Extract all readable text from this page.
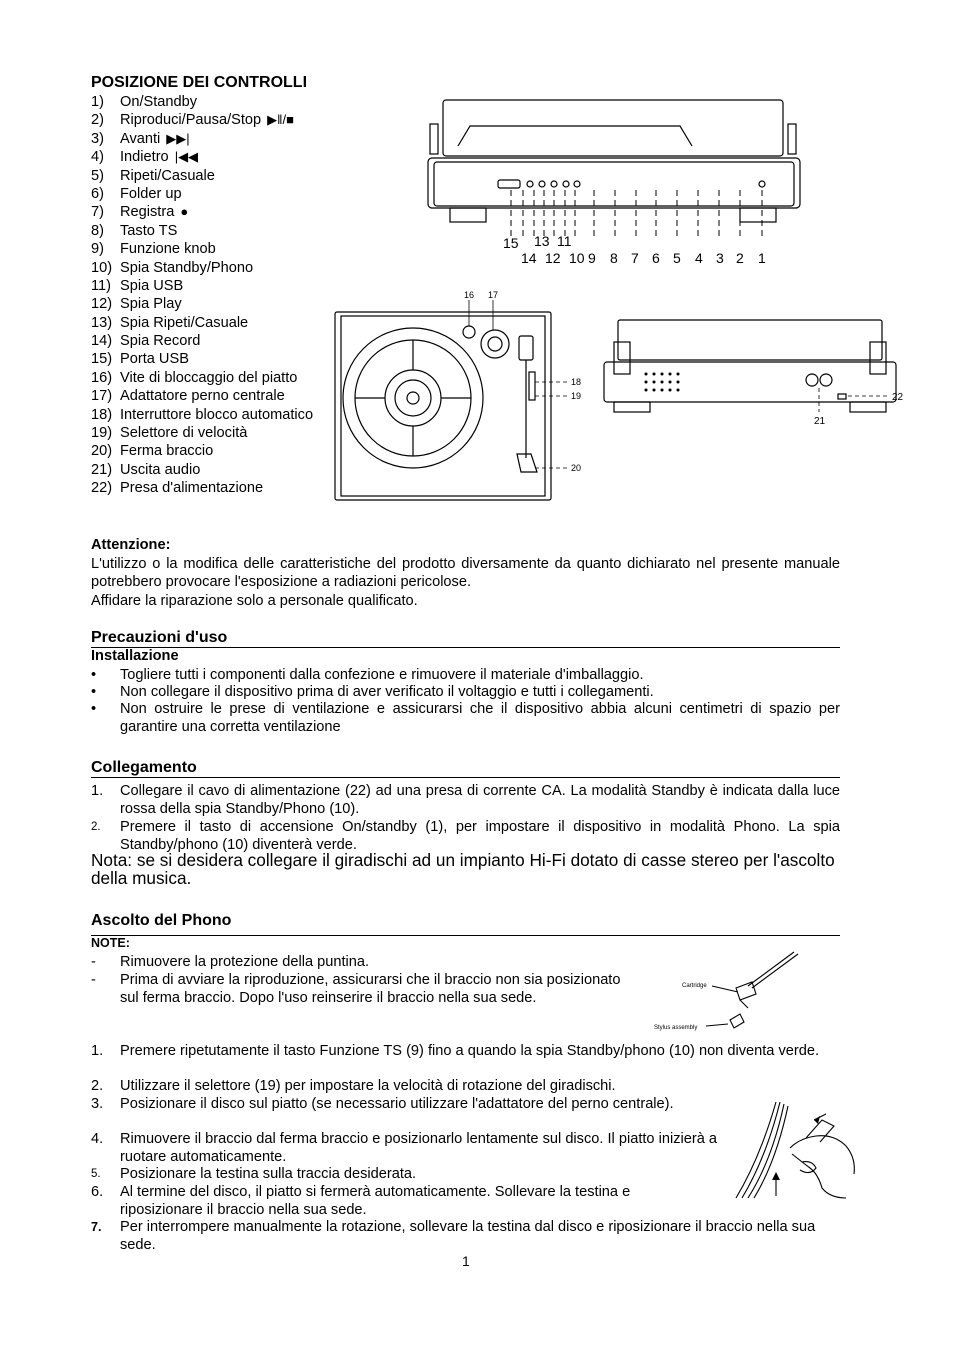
POSIZIONE DEI CONTROLLI
1)	On/Standby
2)	Riproduci/Pausa/Stop ▶ǁ/■
3)	Avanti ▶▶|
4)	Indietro |◀◀
5)	Ripeti/Casuale
6)	Folder up
7)	Registra ●
8)	Tasto TS
9)	Funzione knob
10) Spia Standby/Phono
11) Spia USB
12) Spia Play
13) Spia Ripeti/Casuale
14) Spia Record
15) Porta USB
16) Vite di bloccaggio del piatto
17) Adattatore perno centrale
18) Interruttore blocco automatico
19) Selettore di velocità
20) Ferma braccio
21) Uscita audio
22) Presa d'alimentazione
15 13 11
14 12 10 9 8 7 6 5 4 3 2 1
16 17
18
19
20
21
22
Attenzione:
L'utilizzo o la modifica delle caratteristiche del prodotto diversamente da quanto dichiarato nel presente manuale potrebbero provocare l'esposizione a radiazioni pericolose.
Affidare la riparazione solo a personale qualificato.
Precauzioni d'uso
Installazione
•	Togliere tutti i componenti dalla confezione e rimuovere il materiale d'imballaggio.
•	Non collegare il dispositivo prima di aver verificato il voltaggio e tutti i collegamenti.
•	Non ostruire le prese di ventilazione e assicurarsi che il dispositivo abbia alcuni centimetri di spazio per garantire una corretta ventilazione
Collegamento
1.	Collegare il cavo di alimentazione (22) ad una presa di corrente CA. La modalità Standby è indicata dalla luce rossa della spia Standby/Phono (10).
2.	Premere il tasto di accensione On/standby (1), per impostare il dispositivo in modalità Phono. La spia Standby/phono (10) diventerà verde.
Nota: se si desidera collegare il giradischi ad un impianto Hi-Fi dotato di casse stereo per l'ascolto della musica.
Ascolto del Phono
NOTE:
-	Rimuovere la protezione della puntina.
-	Prima di avviare la riproduzione, assicurarsi che il braccio non sia posizionato sul ferma braccio. Dopo l'uso reinserire il braccio nella sua sede.
Cartridge
Stylus assembly
1.	Premere ripetutamente il tasto Funzione TS (9) fino a quando la spia Standby/phono (10) non diventa verde.
2.	Utilizzare il selettore (19) per impostare la velocità di rotazione del giradischi.
3.	Posizionare il disco sul piatto (se necessario utilizzare l'adattatore del perno centrale).
4.	Rimuovere il braccio dal ferma braccio e posizionarlo lentamente sul disco. Il piatto inizierà a ruotare automaticamente.
5.	Posizionare la testina sulla traccia desiderata.
6.	Al termine del disco, il piatto si fermerà automaticamente. Sollevare la testina e riposizionare il braccio nella sua sede.
7.	Per interrompere manualmente la rotazione, sollevare la testina dal disco e riposizionare il braccio nella sua sede.
1
